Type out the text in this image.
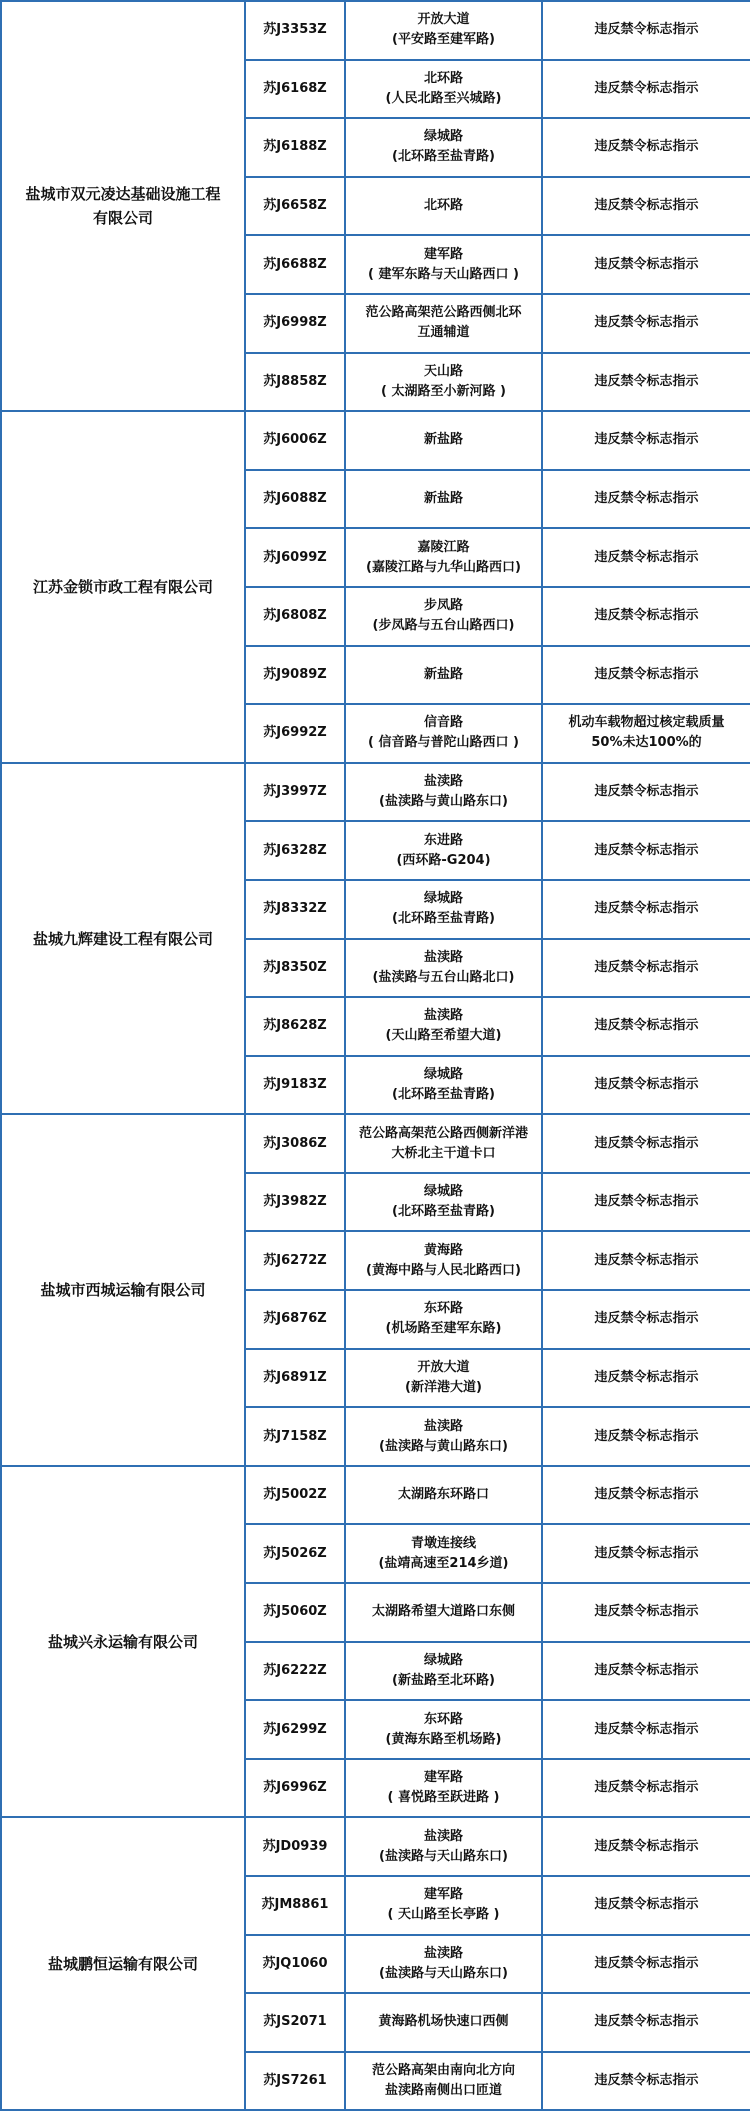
盐城市双元凌达基础设施工程
有限公司	苏J3353Z	开放大道
(平安路至建军路)	违反禁令标志指示

	苏J6168Z	北环路
(人民北路至兴城路)	违反禁令标志指示

	苏J6188Z	绿城路
(北环路至盐青路)	违反禁令标志指示

	苏J6658Z	北环路	违反禁令标志指示

	苏J6688Z	建军路
( 建军东路与天山路西口 )	违反禁令标志指示

	苏J6998Z	范公路高架范公路西侧北环
互通辅道	违反禁令标志指示

	苏J8858Z	天山路
( 太湖路至小新河路 )	违反禁令标志指示

江苏金锁市政工程有限公司	苏J6006Z	新盐路	违反禁令标志指示

	苏J6088Z	新盐路	违反禁令标志指示

	苏J6099Z	嘉陵江路
(嘉陵江路与九华山路西口)	违反禁令标志指示

	苏J6808Z	步凤路
(步凤路与五台山路西口)	违反禁令标志指示

	苏J9089Z	新盐路	违反禁令标志指示

	苏J6992Z	信音路
( 信音路与普陀山路西口 )	机动车载物超过核定载质量
50%未达100%的

盐城九辉建设工程有限公司	苏J3997Z	盐渎路
(盐渎路与黄山路东口)	违反禁令标志指示

	苏J6328Z	东进路
(西环路-G204)	违反禁令标志指示

	苏J8332Z	绿城路
(北环路至盐青路)	违反禁令标志指示

	苏J8350Z	盐渎路
(盐渎路与五台山路北口)	违反禁令标志指示

	苏J8628Z	盐渎路
(天山路至希望大道)	违反禁令标志指示

	苏J9183Z	绿城路
(北环路至盐青路)	违反禁令标志指示

盐城市西城运输有限公司	苏J3086Z	范公路高架范公路西侧新洋港
大桥北主干道卡口	违反禁令标志指示

	苏J3982Z	绿城路
(北环路至盐青路)	违反禁令标志指示

	苏J6272Z	黄海路
(黄海中路与人民北路西口)	违反禁令标志指示

	苏J6876Z	东环路
(机场路至建军东路)	违反禁令标志指示

	苏J6891Z	开放大道
(新洋港大道)	违反禁令标志指示

	苏J7158Z	盐渎路
(盐渎路与黄山路东口)	违反禁令标志指示

盐城兴永运输有限公司	苏J5002Z	太湖路东环路口	违反禁令标志指示

	苏J5026Z	青墩连接线
(盐靖高速至214乡道)	违反禁令标志指示

	苏J5060Z	太湖路希望大道路口东侧	违反禁令标志指示

	苏J6222Z	绿城路
(新盐路至北环路)	违反禁令标志指示

	苏J6299Z	东环路
(黄海东路至机场路)	违反禁令标志指示

	苏J6996Z	建军路
( 喜悦路至跃进路 )	违反禁令标志指示

盐城鹏恒运输有限公司	苏JD0939	盐渎路
(盐渎路与天山路东口)	违反禁令标志指示

	苏JM8861	建军路
( 天山路至长亭路 )	违反禁令标志指示

	苏JQ1060	盐渎路
(盐渎路与天山路东口)	违反禁令标志指示

	苏JS2071	黄海路机场快速口西侧	违反禁令标志指示

	苏JS7261	范公路高架由南向北方向
盐渎路南侧出口匝道	违反禁令标志指示
